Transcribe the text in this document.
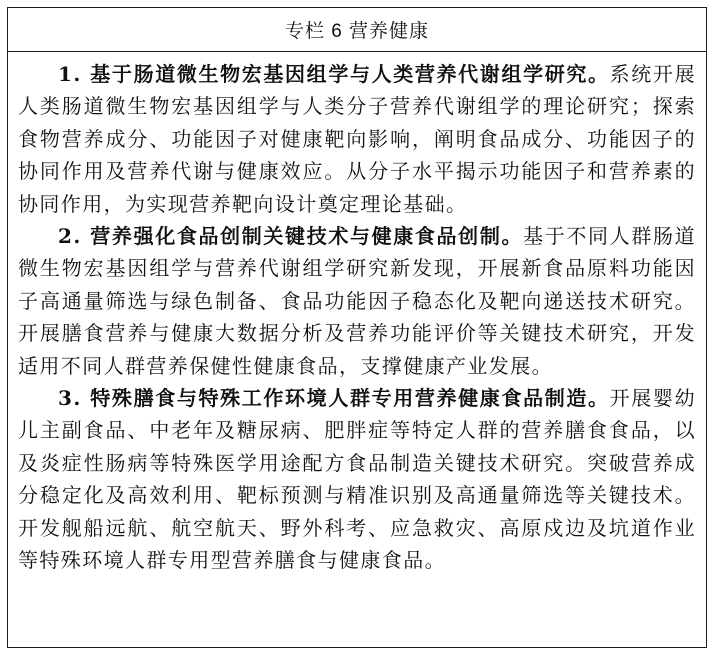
专栏 6 营养健康

1. 基于肠道微生物宏基因组学与人类营养代谢组学研究。系统开展人类肠道微生物宏基因组学与人类分子营养代谢组学的理论研究；探索食物营养成分、功能因子对健康靶向影响，阐明食品成分、功能因子的协同作用及营养代谢与健康效应。从分子水平揭示功能因子和营养素的协同作用，为实现营养靶向设计奠定理论基础。

2. 营养强化食品创制关键技术与健康食品创制。基于不同人群肠道微生物宏基因组学与营养代谢组学研究新发现，开展新食品原料功能因子高通量筛选与绿色制备、食品功能因子稳态化及靶向递送技术研究。开展膳食营养与健康大数据分析及营养功能评价等关键技术研究，开发适用不同人群营养保健性健康食品，支撑健康产业发展。

3. 特殊膳食与特殊工作环境人群专用营养健康食品制造。开展婴幼儿主副食品、中老年及糖尿病、肥胖症等特定人群的营养膳食食品，以及炎症性肠病等特殊医学用途配方食品制造关键技术研究。突破营养成分稳定化及高效利用、靶标预测与精准识别及高通量筛选等关键技术。开发舰船远航、航空航天、野外科考、应急救灾、高原戍边及坑道作业等特殊环境人群专用型营养膳食与健康食品。
